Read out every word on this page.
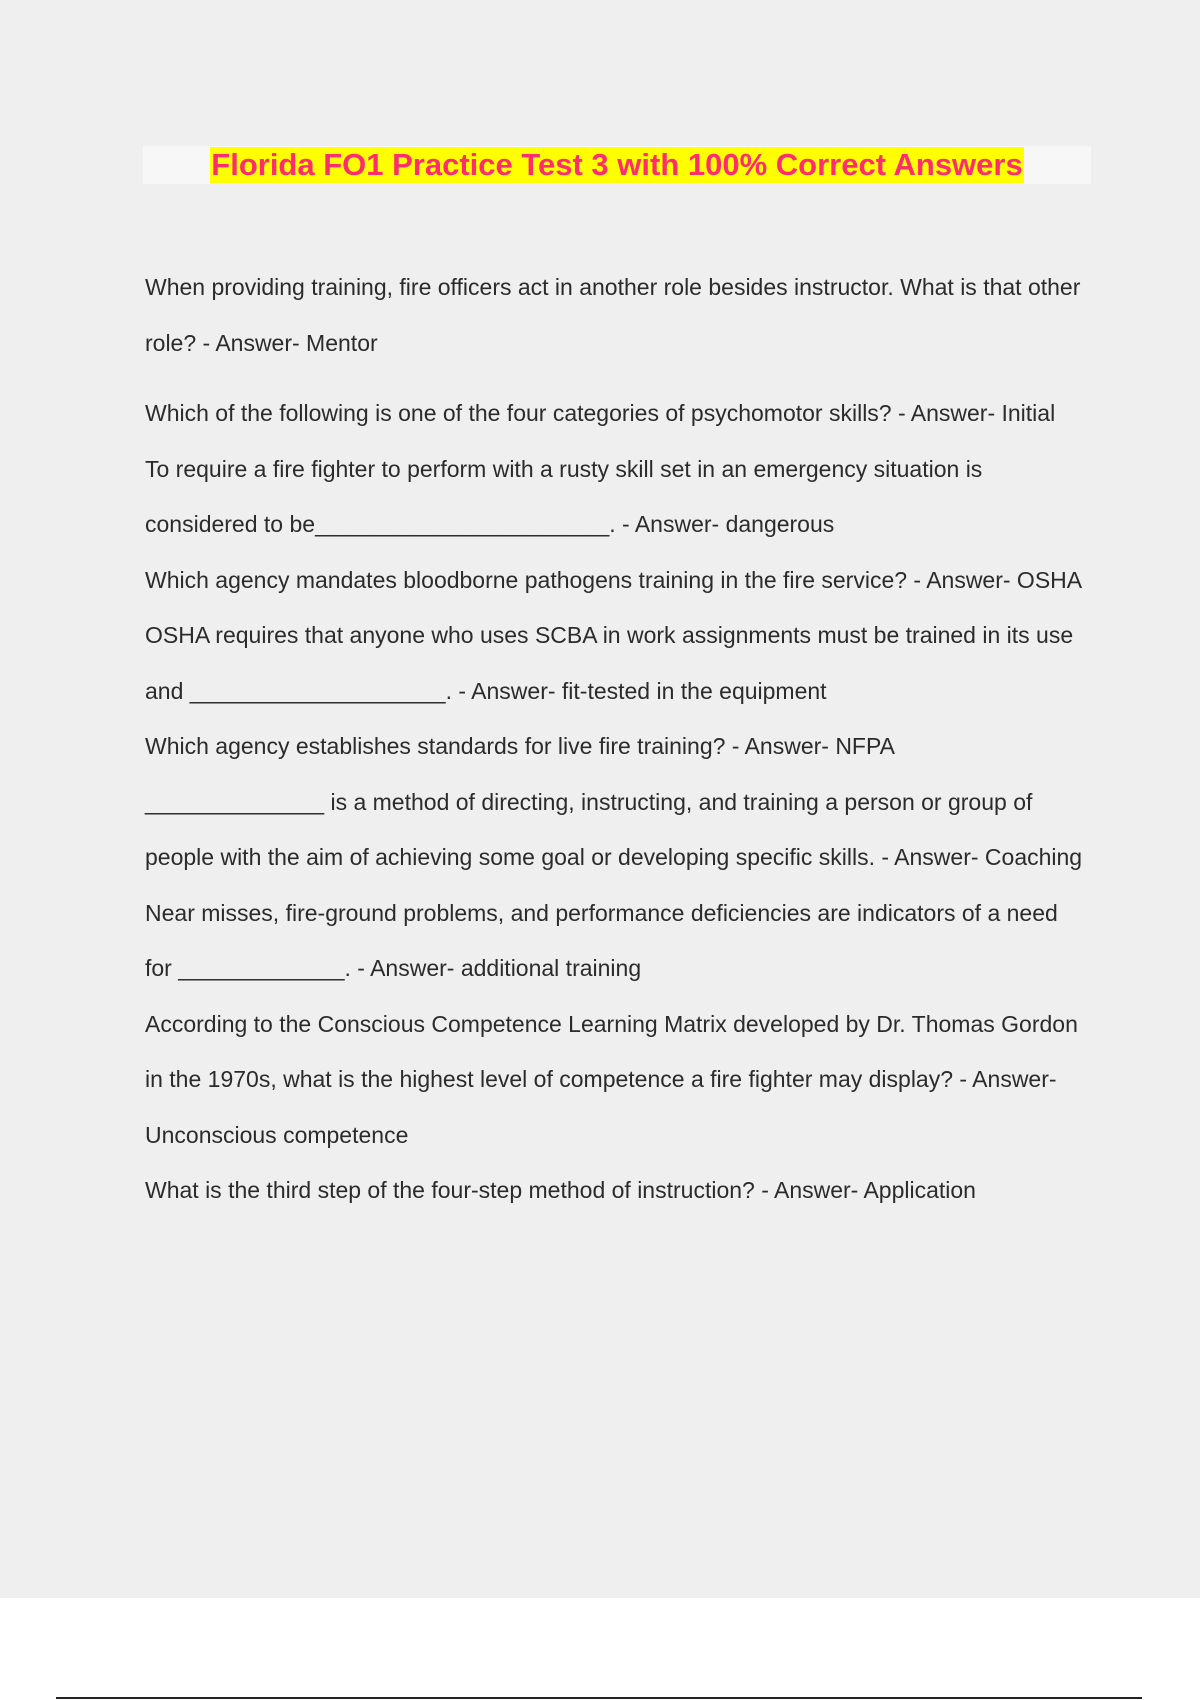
Florida FO1 Practice Test 3 with 100% Correct Answers

When providing training, fire officers act in another role besides instructor. What is that other role? - Answer- Mentor

Which of the following is one of the four categories of psychomotor skills? - Answer- Initial

To require a fire fighter to perform with a rusty skill set in an emergency situation is considered to be_______________________. - Answer- dangerous

Which agency mandates bloodborne pathogens training in the fire service? - Answer- OSHA

OSHA requires that anyone who uses SCBA in work assignments must be trained in its use and ____________________. - Answer- fit-tested in the equipment

Which agency establishes standards for live fire training? - Answer- NFPA

______________ is a method of directing, instructing, and training a person or group of people with the aim of achieving some goal or developing specific skills. - Answer- Coaching

Near misses, fire-ground problems, and performance deficiencies are indicators of a need for _____________. - Answer- additional training

According to the Conscious Competence Learning Matrix developed by Dr. Thomas Gordon in the 1970s, what is the highest level of competence a fire fighter may display? - Answer- Unconscious competence

What is the third step of the four-step method of instruction? - Answer- Application
